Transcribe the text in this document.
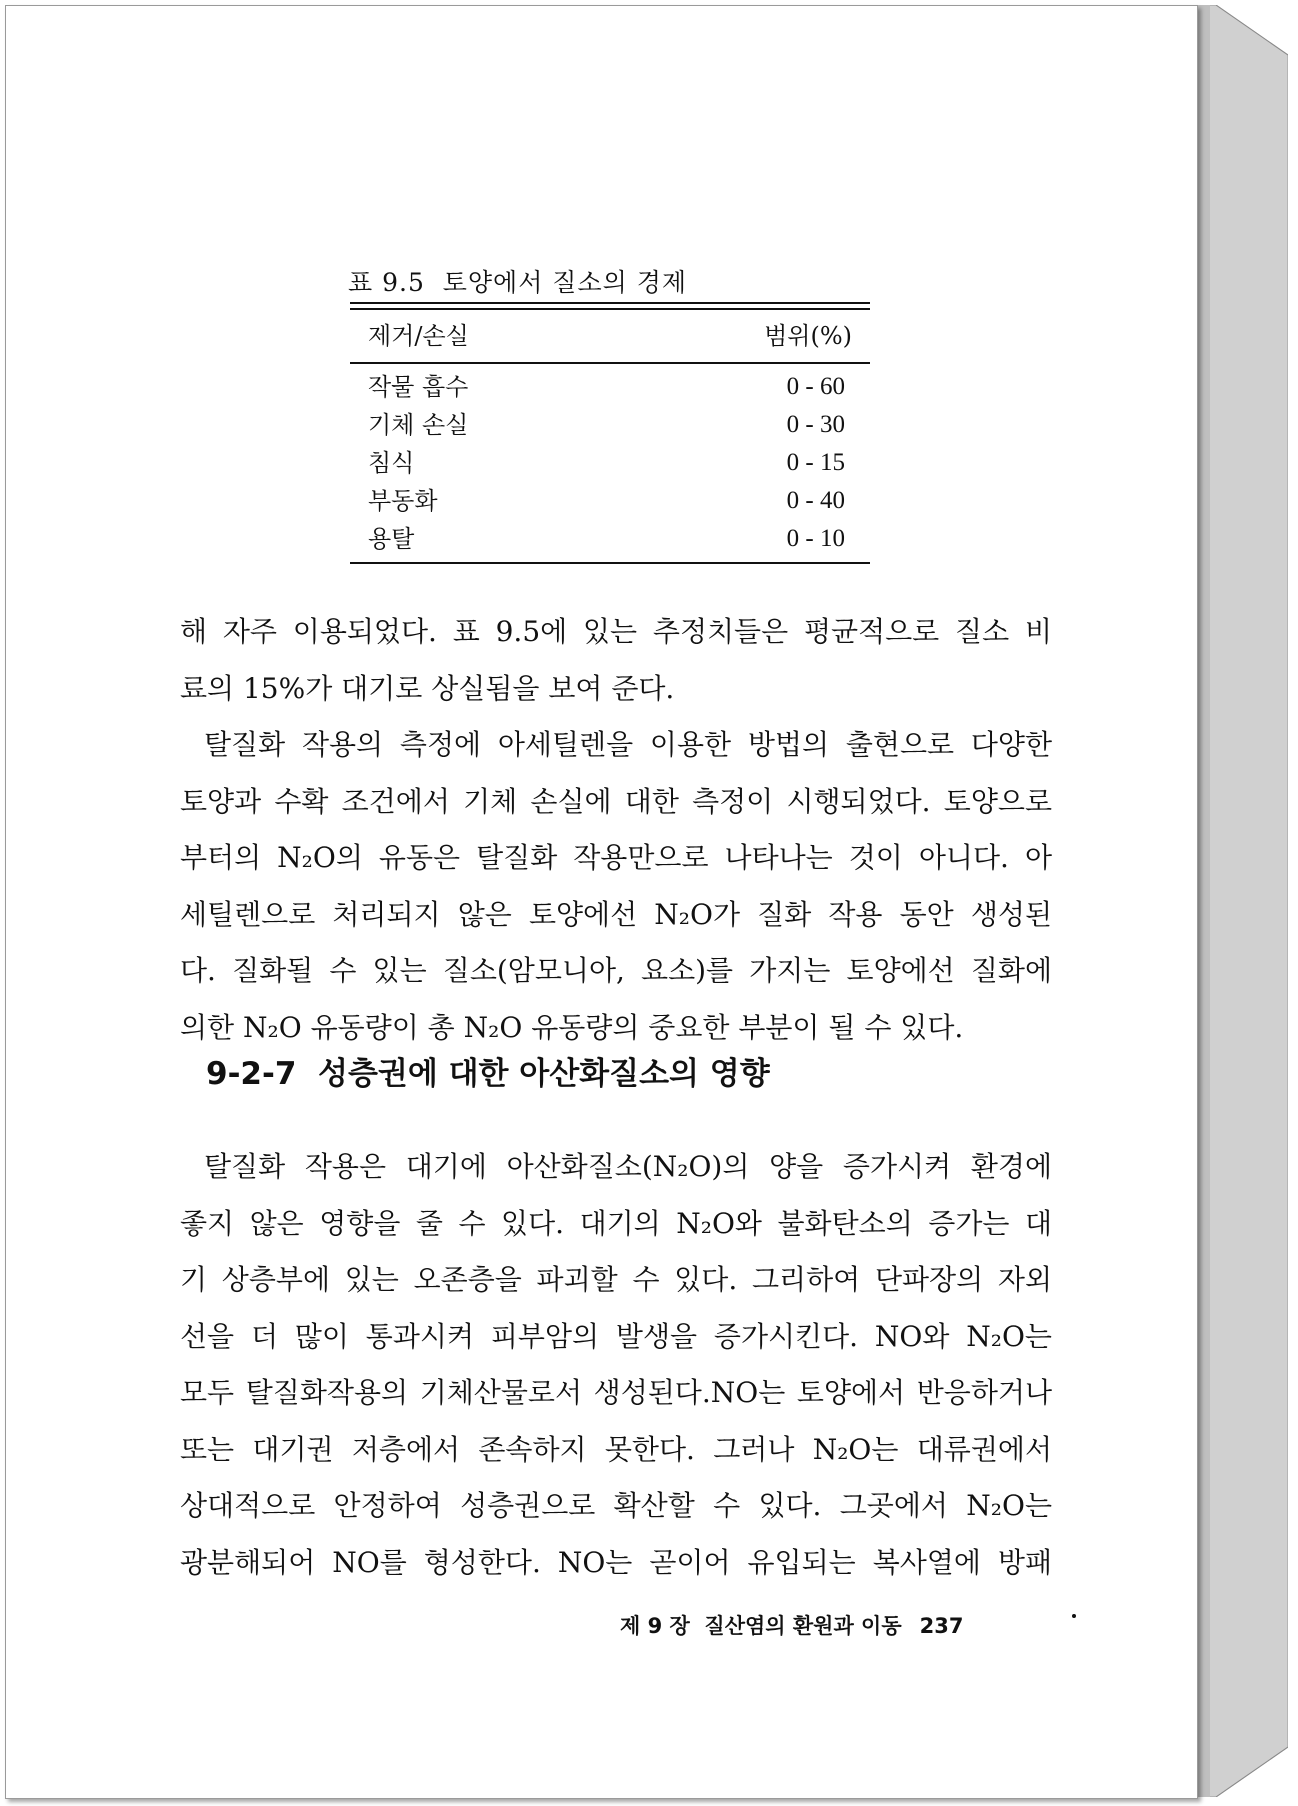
표 9.5  토양에서 질소의 경제
제거/손실	범위(%)
작물 흡수	0 - 60
기체 손실	0 - 30
침식	0 - 15
부동화	0 - 40
용탈	0 - 10
해 자주 이용되었다. 표 9.5에 있는 추정치들은 평균적으로 질소 비
료의 15%가 대기로 상실됨을 보여 준다.
탈질화 작용의 측정에 아세틸렌을 이용한 방법의 출현으로 다양한
토양과 수확 조건에서 기체 손실에 대한 측정이 시행되었다. 토양으로
부터의 N₂O의 유동은 탈질화 작용만으로 나타나는 것이 아니다. 아
세틸렌으로 처리되지 않은 토양에선 N₂O가 질화 작용 동안 생성된
다. 질화될 수 있는 질소(암모니아, 요소)를 가지는 토양에선 질화에
의한 N₂O 유동량이 총 N₂O 유동량의 중요한 부분이 될 수 있다.
9-2-7  성층권에 대한 아산화질소의 영향
탈질화 작용은 대기에 아산화질소(N₂O)의 양을 증가시켜 환경에
좋지 않은 영향을 줄 수 있다. 대기의 N₂O와 불화탄소의 증가는 대
기 상층부에 있는 오존층을 파괴할 수 있다. 그리하여 단파장의 자외
선을 더 많이 통과시켜 피부암의 발생을 증가시킨다. NO와 N₂O는
모두 탈질화작용의 기체산물로서 생성된다.NO는 토양에서 반응하거나
또는 대기권 저층에서 존속하지 못한다. 그러나 N₂O는 대류권에서
상대적으로 안정하여 성층권으로 확산할 수 있다. 그곳에서 N₂O는
광분해되어 NO를 형성한다. NO는 곧이어 유입되는 복사열에 방패
제 9 장  질산염의 환원과 이동 237
